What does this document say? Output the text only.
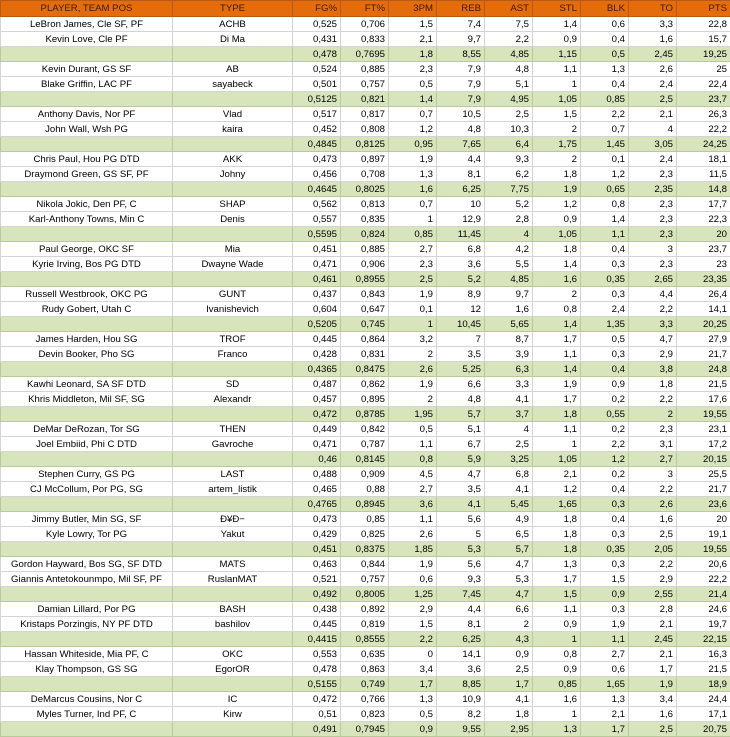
PLAYER, TEAM POS	TYPE	FG%	FT%	3PM	REB	AST	STL	BLK	TO	PTS
LeBron James, Cle SF, PF	ACHB	0,525	0,706	1,5	7,4	7,5	1,4	0,6	3,3	22,8
Kevin Love, Cle PF	Di Ma	0,431	0,833	2,1	9,7	2,2	0,9	0,4	1,6	15,7
		0,478	0,7695	1,8	8,55	4,85	1,15	0,5	2,45	19,25
Kevin Durant, GS SF	AB	0,524	0,885	2,3	7,9	4,8	1,1	1,3	2,6	25
Blake Griffin, LAC PF	sayabeck	0,501	0,757	0,5	7,9	5,1	1	0,4	2,4	22,4
		0,5125	0,821	1,4	7,9	4,95	1,05	0,85	2,5	23,7
Anthony Davis, Nor PF	Vlad	0,517	0,817	0,7	10,5	2,5	1,5	2,2	2,1	26,3
John Wall, Wsh PG	kaira	0,452	0,808	1,2	4,8	10,3	2	0,7	4	22,2
		0,4845	0,8125	0,95	7,65	6,4	1,75	1,45	3,05	24,25
Chris Paul, Hou PG DTD	AKK	0,473	0,897	1,9	4,4	9,3	2	0,1	2,4	18,1
Draymond Green, GS SF, PF	Johny	0,456	0,708	1,3	8,1	6,2	1,8	1,2	2,3	11,5
		0,4645	0,8025	1,6	6,25	7,75	1,9	0,65	2,35	14,8
Nikola Jokic, Den PF, C	SHAP	0,562	0,813	0,7	10	5,2	1,2	0,8	2,3	17,7
Karl-Anthony Towns, Min C	Denis	0,557	0,835	1	12,9	2,8	0,9	1,4	2,3	22,3
		0,5595	0,824	0,85	11,45	4	1,05	1,1	2,3	20
Paul George, OKC SF	Mia	0,451	0,885	2,7	6,8	4,2	1,8	0,4	3	23,7
Kyrie Irving, Bos PG DTD	Dwayne Wade	0,471	0,906	2,3	3,6	5,5	1,4	0,3	2,3	23
		0,461	0,8955	2,5	5,2	4,85	1,6	0,35	2,65	23,35
Russell Westbrook, OKC PG	GUNT	0,437	0,843	1,9	8,9	9,7	2	0,3	4,4	26,4
Rudy Gobert, Utah C	Ivanishevich	0,604	0,647	0,1	12	1,6	0,8	2,4	2,2	14,1
		0,5205	0,745	1	10,45	5,65	1,4	1,35	3,3	20,25
James Harden, Hou SG	TROF	0,445	0,864	3,2	7	8,7	1,7	0,5	4,7	27,9
Devin Booker, Pho SG	Franco	0,428	0,831	2	3,5	3,9	1,1	0,3	2,9	21,7
		0,4365	0,8475	2,6	5,25	6,3	1,4	0,4	3,8	24,8
Kawhi Leonard, SA SF DTD	SD	0,487	0,862	1,9	6,6	3,3	1,9	0,9	1,8	21,5
Khris Middleton, Mil SF, SG	Alexandr	0,457	0,895	2	4,8	4,1	1,7	0,2	2,2	17,6
		0,472	0,8785	1,95	5,7	3,7	1,8	0,55	2	19,55
DeMar DeRozan, Tor SG	THEN	0,449	0,842	0,5	5,1	4	1,1	0,2	2,3	23,1
Joel Embiid, Phi C DTD	Gavroche	0,471	0,787	1,1	6,7	2,5	1	2,2	3,1	17,2
		0,46	0,8145	0,8	5,9	3,25	1,05	1,2	2,7	20,15
Stephen Curry, GS PG	LAST	0,488	0,909	4,5	4,7	6,8	2,1	0,2	3	25,5
CJ McCollum, Por PG, SG	artem_listik	0,465	0,88	2,7	3,5	4,1	1,2	0,4	2,2	21,7
		0,4765	0,8945	3,6	4,1	5,45	1,65	0,3	2,6	23,6
Jimmy Butler, Min SG, SF	Đ¥Đ−	0,473	0,85	1,1	5,6	4,9	1,8	0,4	1,6	20
Kyle Lowry, Tor PG	Yakut	0,429	0,825	2,6	5	6,5	1,8	0,3	2,5	19,1
		0,451	0,8375	1,85	5,3	5,7	1,8	0,35	2,05	19,55
Gordon Hayward, Bos SG, SF DTD	MATS	0,463	0,844	1,9	5,6	4,7	1,3	0,3	2,2	20,6
Giannis Antetokounmpo, Mil SF, PF	RuslanMAT	0,521	0,757	0,6	9,3	5,3	1,7	1,5	2,9	22,2
		0,492	0,8005	1,25	7,45	4,7	1,5	0,9	2,55	21,4
Damian Lillard, Por PG	BASH	0,438	0,892	2,9	4,4	6,6	1,1	0,3	2,8	24,6
Kristaps Porzingis, NY PF DTD	bashilov	0,445	0,819	1,5	8,1	2	0,9	1,9	2,1	19,7
		0,4415	0,8555	2,2	6,25	4,3	1	1,1	2,45	22,15
Hassan Whiteside, Mia PF, C	OKC	0,553	0,635	0	14,1	0,9	0,8	2,7	2,1	16,3
Klay Thompson, GS SG	EgorOR	0,478	0,863	3,4	3,6	2,5	0,9	0,6	1,7	21,5
		0,5155	0,749	1,7	8,85	1,7	0,85	1,65	1,9	18,9
DeMarcus Cousins, Nor C	IC	0,472	0,766	1,3	10,9	4,1	1,6	1,3	3,4	24,4
Myles Turner, Ind PF, C	Kirw	0,51	0,823	0,5	8,2	1,8	1	2,1	1,6	17,1
		0,491	0,7945	0,9	9,55	2,95	1,3	1,7	2,5	20,75
